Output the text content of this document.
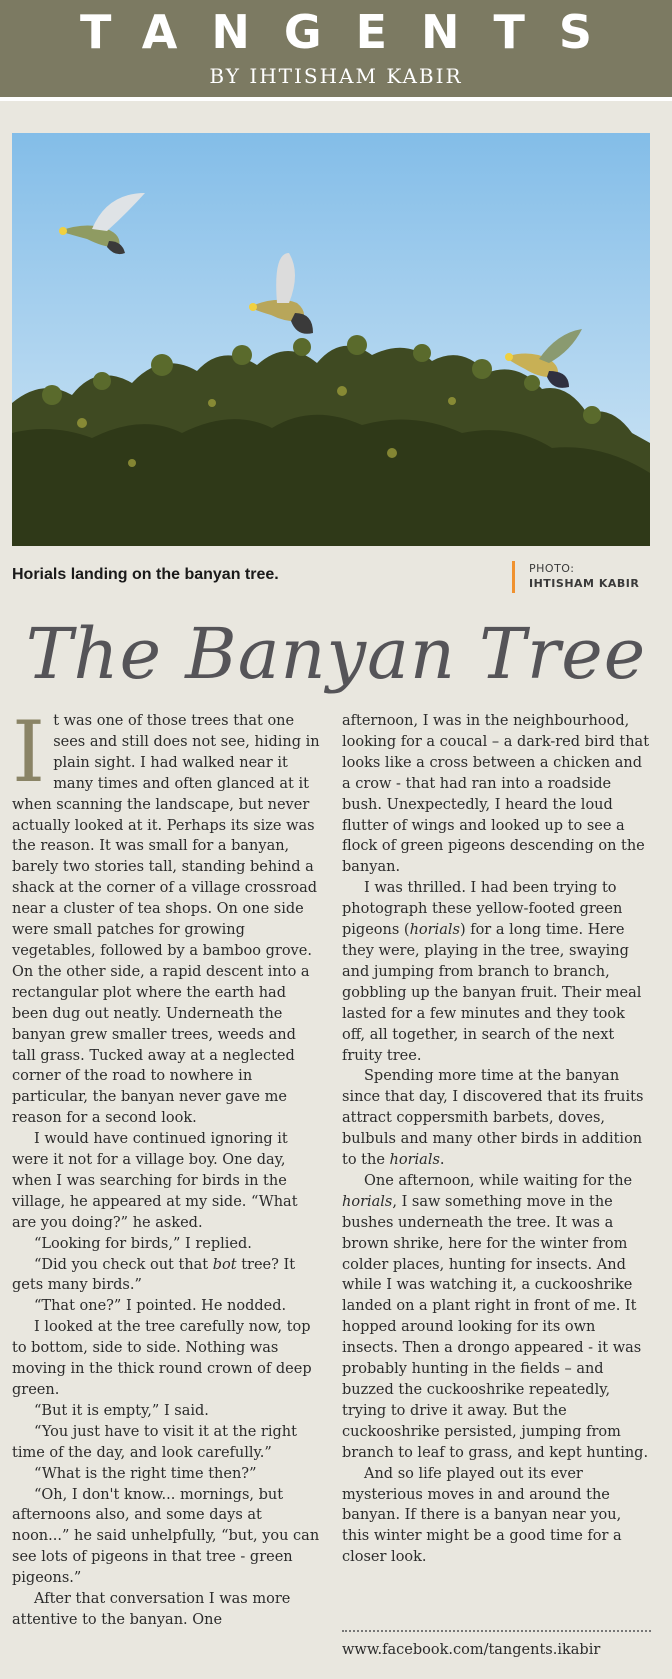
TANGENTS
BY IHTISHAM KABIR
Horials landing on the banyan tree.	PHOTO:
IHTISHAM KABIR
The Banyan Tree

It was one of those trees that one sees and still does not see, hiding in plain sight. I had walked near it many times and often glanced at it when scanning the landscape, but never actually looked at it. Perhaps its size was the reason. It was small for a banyan, barely two stories tall, standing behind a shack at the corner of a village crossroad near a cluster of tea shops. On one side were small patches for growing vegetables, followed by a bamboo grove. On the other side, a rapid descent into a rectangular plot where the earth had been dug out neatly. Underneath the banyan grew smaller trees, weeds and tall grass. Tucked away at a neglected corner of the road to nowhere in particular, the banyan never gave me reason for a second look.

I would have continued ignoring it were it not for a village boy. One day, when I was searching for birds in the village, he appeared at my side. “What are you doing?” he asked.

“Looking for birds,” I replied.

“Did you check out that bot tree? It gets many birds.”

“That one?” I pointed. He nodded.

I looked at the tree carefully now, top to bottom, side to side. Nothing was moving in the thick round crown of deep green.

“But it is empty,” I said.

“You just have to visit it at the right time of the day, and look carefully.”

“What is the right time then?”

“Oh, I don't know... mornings, but afternoons also, and some days at noon...” he said unhelpfully, “but, you can see lots of pigeons in that tree - green pigeons.”

After that conversation I was more attentive to the banyan. One

afternoon, I was in the neighbourhood, looking for a coucal – a dark-red bird that looks like a cross between a chicken and a crow - that had ran into a roadside bush. Unexpectedly, I heard the loud flutter of wings and looked up to see a flock of green pigeons descending on the banyan.

I was thrilled. I had been trying to photograph these yellow-footed green pigeons (horials) for a long time. Here they were, playing in the tree, swaying and jumping from branch to branch, gobbling up the banyan fruit. Their meal lasted for a few minutes and they took off, all together, in search of the next fruity tree.

Spending more time at the banyan since that day, I discovered that its fruits attract coppersmith barbets, doves, bulbuls and many other birds in addition to the horials.

One afternoon, while waiting for the horials, I saw something move in the bushes underneath the tree. It was a brown shrike, here for the winter from colder places, hunting for insects. And while I was watching it, a cuckooshrike landed on a plant right in front of me. It hopped around looking for its own insects. Then a drongo appeared - it was probably hunting in the fields – and buzzed the cuckooshrike repeatedly, trying to drive it away. But the cuckooshrike persisted, jumping from branch to leaf to grass, and kept hunting.

And so life played out its ever mysterious moves in and around the banyan. If there is a banyan near you, this winter might be a good time for a closer look.

www.facebook.com/tangents.ikabir
